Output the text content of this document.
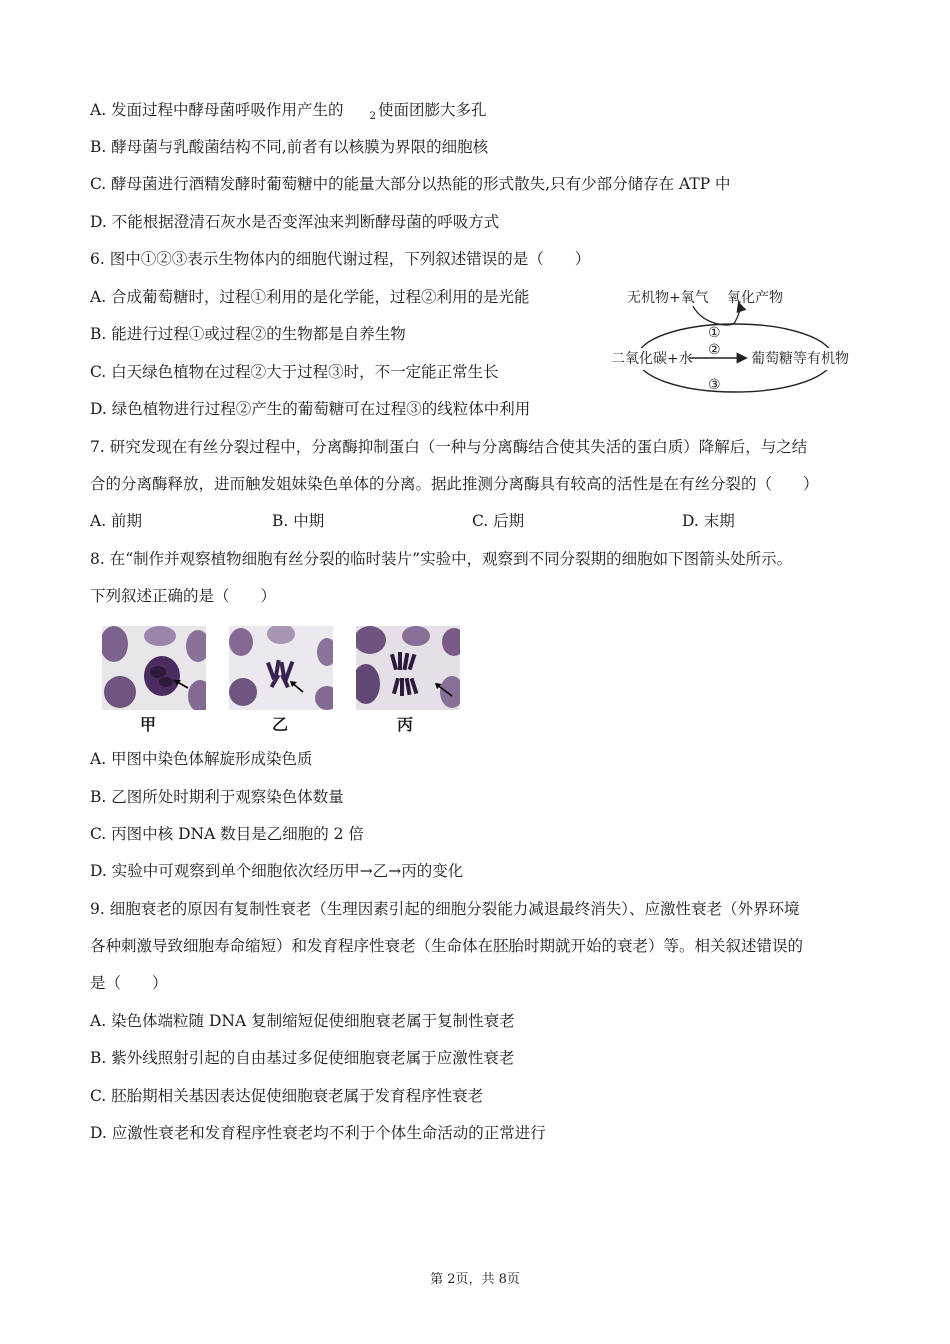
A. 发面过程中酵母菌呼吸作用产生的	$_2$ 使面团膨大多孔
B. 酵母菌与乳酸菌结构不同,前者有以核膜为界限的细胞核
C. 酵母菌进行酒精发酵时葡萄糖中的能量大部分以热能的形式散失,只有少部分储存在 ATP 中
D. 不能根据澄清石灰水是否变浑浊来判断酵母菌的呼吸方式
6. 图中①②③表示生物体内的细胞代谢过程，下列叙述错误的是（　　）
A. 合成葡萄糖时，过程①利用的是化学能，过程②利用的是光能
B. 能进行过程①或过程②的生物都是自养生物
C. 白天绿色植物在过程②大于过程③时，不一定能正常生长
D. 绿色植物进行过程②产生的葡萄糖可在过程③的线粒体中利用
无机物+氧气 氧化产物
二氧化碳+水	葡萄糖等有机物
①
②
③
7. 研究发现在有丝分裂过程中，分离酶抑制蛋白（一种与分离酶结合使其失活的蛋白质）降解后，与之结
合的分离酶释放，进而触发姐妹染色单体的分离。据此推测分离酶具有较高的活性是在有丝分裂的（　　）
A. 前期	B. 中期	C. 后期	D. 末期
8. 在“制作并观察植物细胞有丝分裂的临时装片”实验中，观察到不同分裂期的细胞如下图箭头处所示。
下列叙述正确的是（　　）
甲	乙	丙
A. 甲图中染色体解旋形成染色质
B. 乙图所处时期利于观察染色体数量
C. 丙图中核 DNA 数目是乙细胞的 2 倍
D. 实验中可观察到单个细胞依次经历甲→乙→丙的变化
9. 细胞衰老的原因有复制性衰老（生理因素引起的细胞分裂能力减退最终消失）、应激性衰老（外界环境
各种刺激导致细胞寿命缩短）和发育程序性衰老（生命体在胚胎时期就开始的衰老）等。相关叙述错误的
是（　　）
A. 染色体端粒随 DNA 复制缩短促使细胞衰老属于复制性衰老
B. 紫外线照射引起的自由基过多促使细胞衰老属于应激性衰老
C. 胚胎期相关基因表达促使细胞衰老属于发育程序性衰老
D. 应激性衰老和发育程序性衰老均不利于个体生命活动的正常进行
第 2页，共 8页
